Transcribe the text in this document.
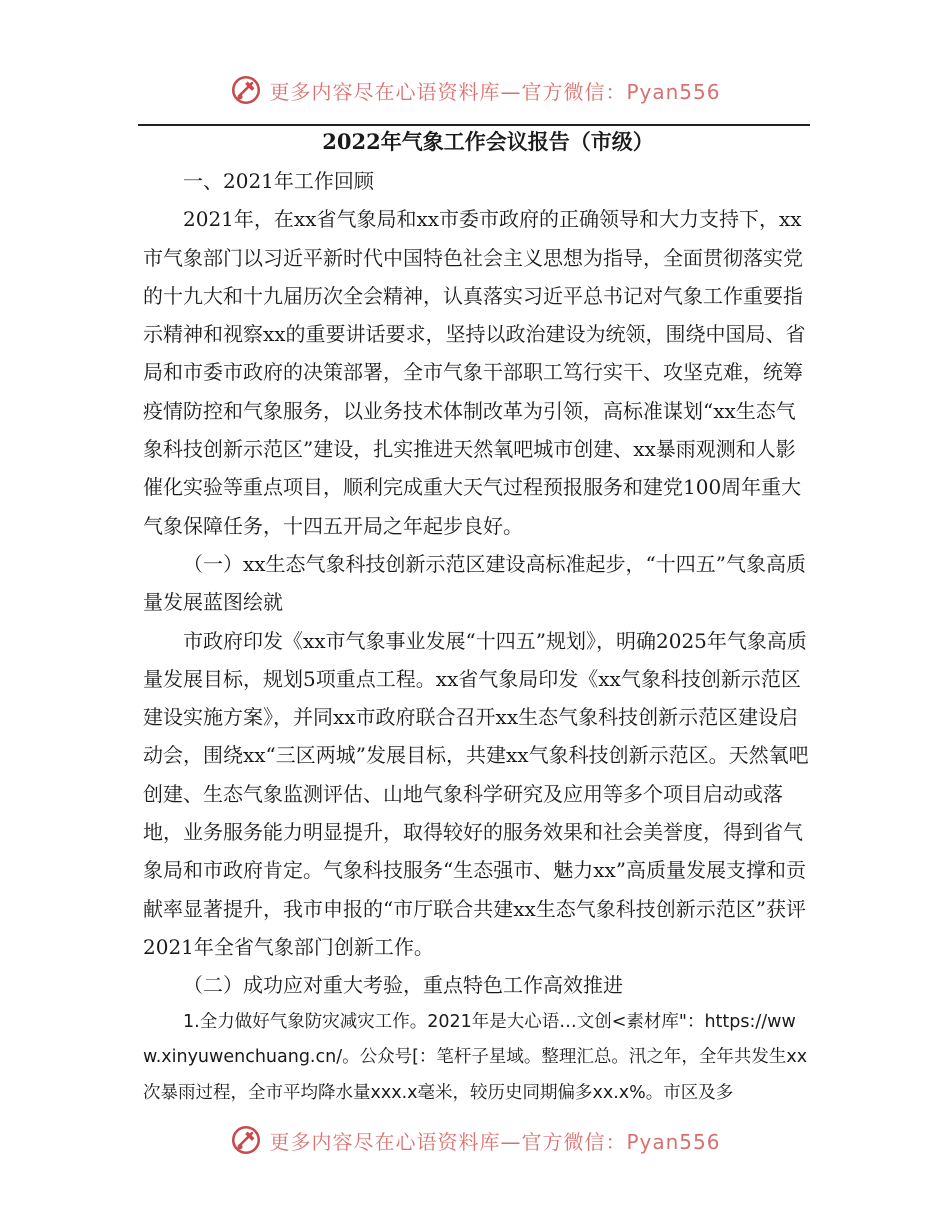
更多内容尽在心语资料库—官方微信：Pyan556
2022年气象工作会议报告（市级）

一、2021年工作回顾

2021年，在xx省气象局和xx市委市政府的正确领导和大力支持下，xx市气象部门以习近平新时代中国特色社会主义思想为指导，全面贯彻落实党的十九大和十九届历次全会精神，认真落实习近平总书记对气象工作重要指示精神和视察xx的重要讲话要求，坚持以政治建设为统领，围绕中国局、省局和市委市政府的决策部署，全市气象干部职工笃行实干、攻坚克难，统筹疫情防控和气象服务，以业务技术体制改革为引领，高标准谋划“xx生态气象科技创新示范区”建设，扎实推进天然氧吧城市创建、xx暴雨观测和人影催化实验等重点项目，顺利完成重大天气过程预报服务和建党100周年重大气象保障任务，十四五开局之年起步良好。

（一）xx生态气象科技创新示范区建设高标准起步，“十四五”气象高质量发展蓝图绘就

市政府印发《xx市气象事业发展“十四五”规划》，明确2025年气象高质量发展目标，规划5项重点工程。xx省气象局印发《xx气象科技创新示范区建设实施方案》，并同xx市政府联合召开xx生态气象科技创新示范区建设启动会，围绕xx“三区两城”发展目标，共建xx气象科技创新示范区。天然氧吧创建、生态气象监测评估、山地气象科学研究及应用等多个项目启动或落地，业务服务能力明显提升，取得较好的服务效果和社会美誉度，得到省气象局和市政府肯定。气象科技服务“生态强市、魅力xx”高质量发展支撑和贡献率显著提升，我市申报的“市厅联合共建xx生态气象科技创新示范区”获评2021年全省气象部门创新工作。

（二）成功应对重大考验，重点特色工作高效推进

1.全力做好气象防灾减灾工作。2021年是大心语…文创<素材库"：https://www.xinyuwenchuang.cn/。公众号[：笔杆子星域。整理汇总。汛之年，全年共发生xx次暴雨过程，全市平均降水量xxx.x毫米，较历史同期偏多xx.x%。市区及多

更多内容尽在心语资料库—官方微信：Pyan556
